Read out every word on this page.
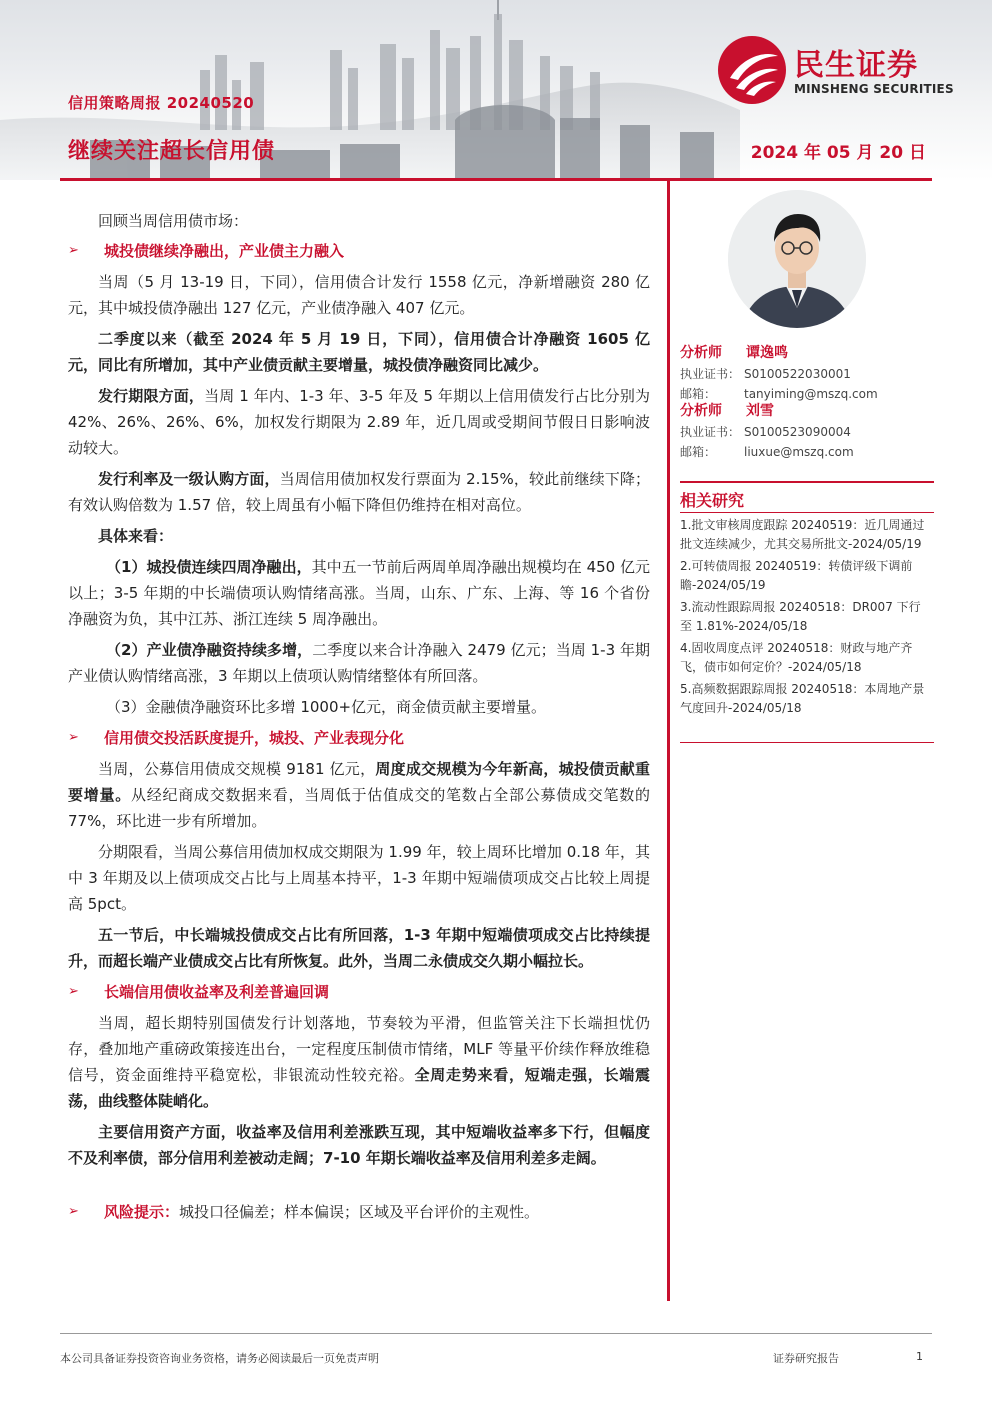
民生证券
MINSHENG SECURITIES
信用策略周报 20240520
继续关注超长信用债	2024 年 05 月 20 日
回顾当周信用债市场：
➢	城投债继续净融出，产业债主力融入

当周（5 月 13-19 日，下同），信用债合计发行 1558 亿元，净新增融资 280 亿元，其中城投债净融出 127 亿元，产业债净融入 407 亿元。

二季度以来（截至 2024 年 5 月 19 日，下同），信用债合计净融资 1605 亿元，同比有所增加，其中产业债贡献主要增量，城投债净融资同比减少。

发行期限方面，当周 1 年内、1-3 年、3-5 年及 5 年期以上信用债发行占比分别为 42%、26%、26%、6%，加权发行期限为 2.89 年，近几周或受期间节假日日影响波动较大。

发行利率及一级认购方面，当周信用债加权发行票面为 2.15%，较此前继续下降；有效认购倍数为 1.57 倍，较上周虽有小幅下降但仍维持在相对高位。

具体来看：

（1）城投债连续四周净融出，其中五一节前后两周单周净融出规模均在 450 亿元以上；3-5 年期的中长端债项认购情绪高涨。当周，山东、广东、上海、等 16 个省份净融资为负，其中江苏、浙江连续 5 周净融出。

（2）产业债净融资持续多增，二季度以来合计净融入 2479 亿元；当周 1-3 年期产业债认购情绪高涨，3 年期以上债项认购情绪整体有所回落。

（3）金融债净融资环比多增 1000+亿元，商金债贡献主要增量。

➢	信用债交投活跃度提升，城投、产业表现分化

当周，公募信用债成交规模 9181 亿元，周度成交规模为今年新高，城投债贡献重要增量。从经纪商成交数据来看，当周低于估值成交的笔数占全部公募债成交笔数的 77%，环比进一步有所增加。

分期限看，当周公募信用债加权成交期限为 1.99 年，较上周环比增加 0.18 年，其中 3 年期及以上债项成交占比与上周基本持平，1-3 年期中短端债项成交占比较上周提高 5pct。

五一节后，中长端城投债成交占比有所回落，1-3 年期中短端债项成交占比持续提升，而超长端产业债成交占比有所恢复。此外，当周二永债成交久期小幅拉长。

➢	长端信用债收益率及利差普遍回调

当周，超长期特别国债发行计划落地，节奏较为平滑，但监管关注下长端担忧仍存，叠加地产重磅政策接连出台，一定程度压制债市情绪，MLF 等量平价续作释放维稳信号，资金面维持平稳宽松，非银流动性较充裕。全周走势来看，短端走强，长端震荡，曲线整体陡峭化。

主要信用资产方面，收益率及信用利差涨跌互现，其中短端收益率多下行，但幅度不及利率债，部分信用利差被动走阔；7-10 年期长端收益率及信用利差多走阔。

➢	风险提示：城投口径偏差；样本偏误；区域及平台评价的主观性。
分析师	谭逸鸣
执业证书： S0100522030001
邮箱：	tanyiming@mszq.com
分析师	刘雪
执业证书： S0100523090004
邮箱：	liuxue@mszq.com
相关研究
1.批文审核周度跟踪 20240519：近几周通过批文连续减少，尤其交易所批文-2024/05/19
2.可转债周报 20240519：转债评级下调前瞻-2024/05/19
3.流动性跟踪周报 20240518：DR007 下行至 1.81%-2024/05/18
4.固收周度点评 20240518：财政与地产齐飞，债市如何定价？-2024/05/18
5.高频数据跟踪周报 20240518：本周地产景气度回升-2024/05/18
本公司具备证券投资咨询业务资格，请务必阅读最后一页免责声明	证券研究报告	1
